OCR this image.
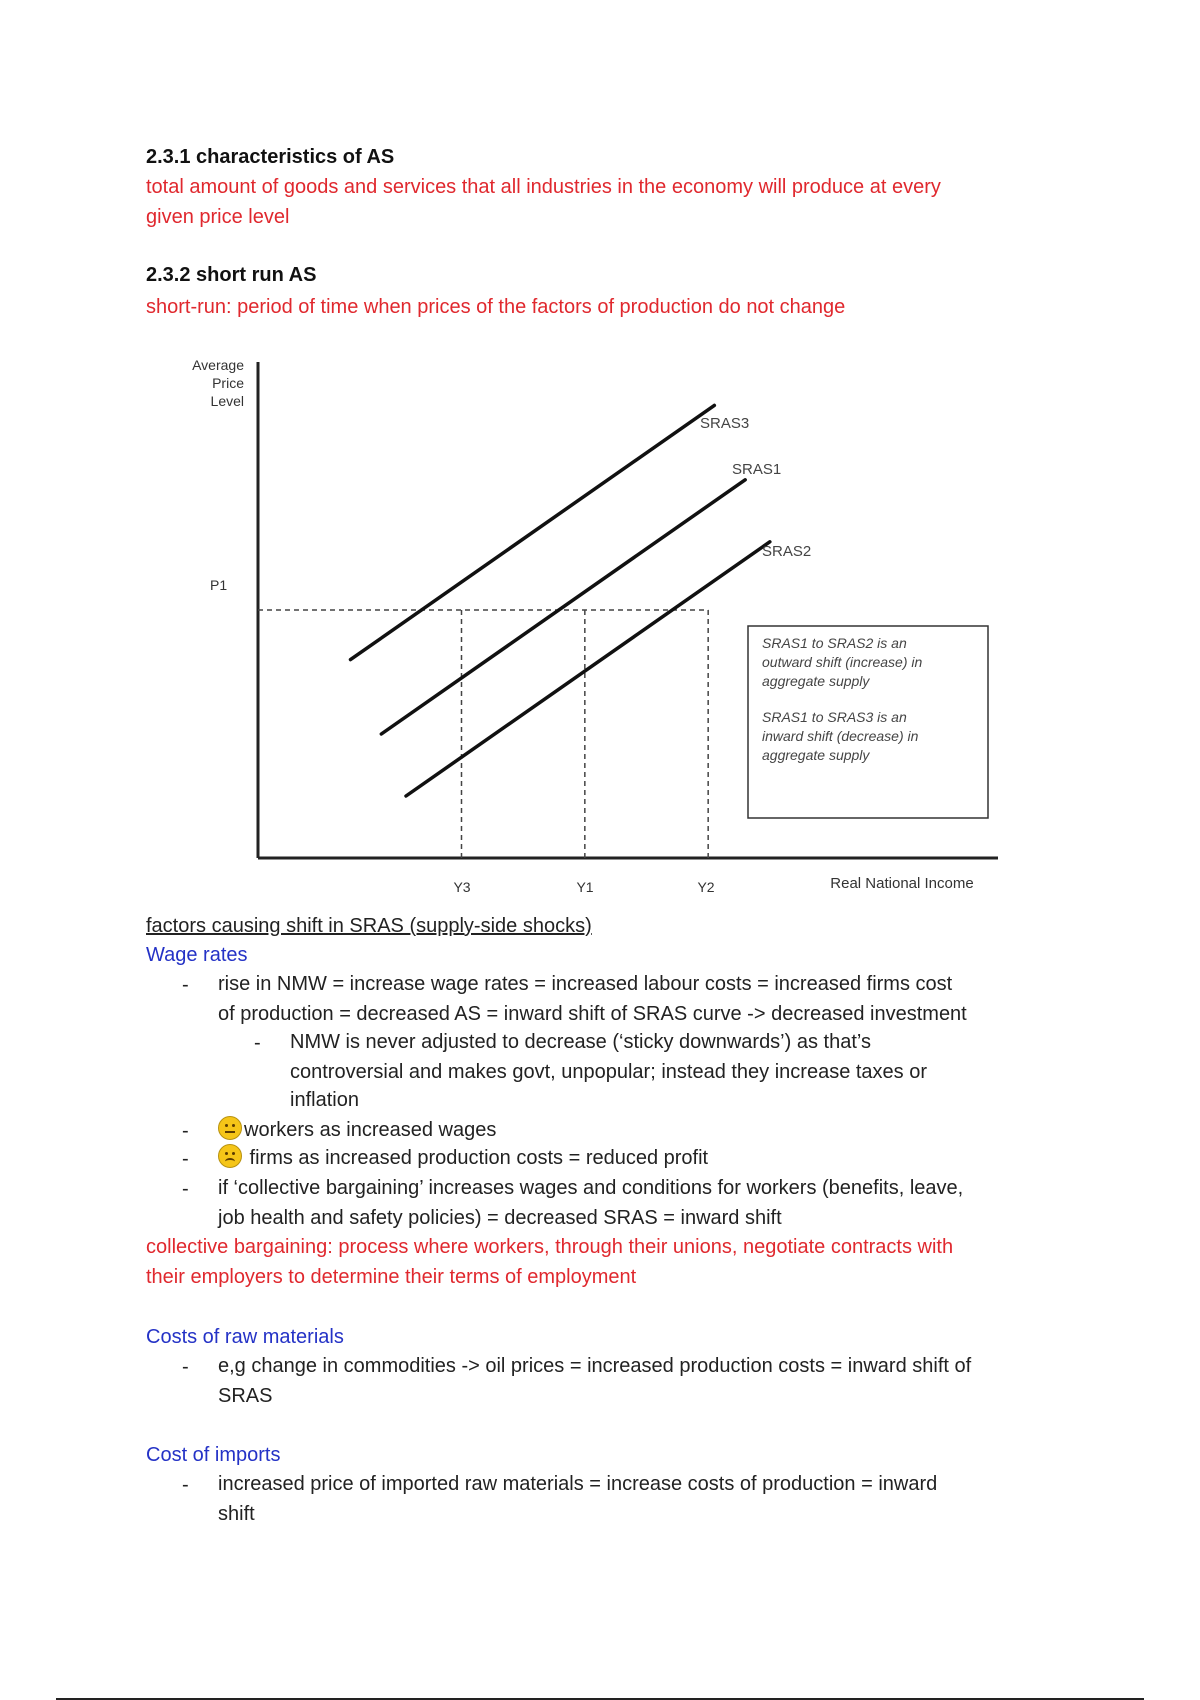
2.3.1 characteristics of AS
total amount of goods and services that all industries in the economy will produce at every
given price level
2.3.2 short run AS
short-run: period of time when prices of the factors of production do not change
Average
Price
Level
P1
Y3	Y1	Y2	Real National Income
SRAS3
SRAS1
SRAS2
SRAS1 to SRAS2 is an
outward shift (increase) in
aggregate supply
SRAS1 to SRAS3 is an
inward shift (decrease) in
aggregate supply
factors causing shift in SRAS (supply-side shocks)
Wage rates
- rise in NMW = increase wage rates = increased labour costs = increased firms cost
of production = decreased AS = inward shift of SRAS curve -> decreased investment
- NMW is never adjusted to decrease (‘sticky downwards’) as that’s
controversial and makes govt, unpopular; instead they increase taxes or
inflation
-	workers as increased wages
-	firms as increased production costs = reduced profit
- if ‘collective bargaining’ increases wages and conditions for workers (benefits, leave,
job health and safety policies) = decreased SRAS = inward shift
collective bargaining: process where workers, through their unions, negotiate contracts with
their employers to determine their terms of employment
Costs of raw materials
- e,g change in commodities -> oil prices = increased production costs = inward shift of
SRAS
Cost of imports
- increased price of imported raw materials = increase costs of production = inward
shift
